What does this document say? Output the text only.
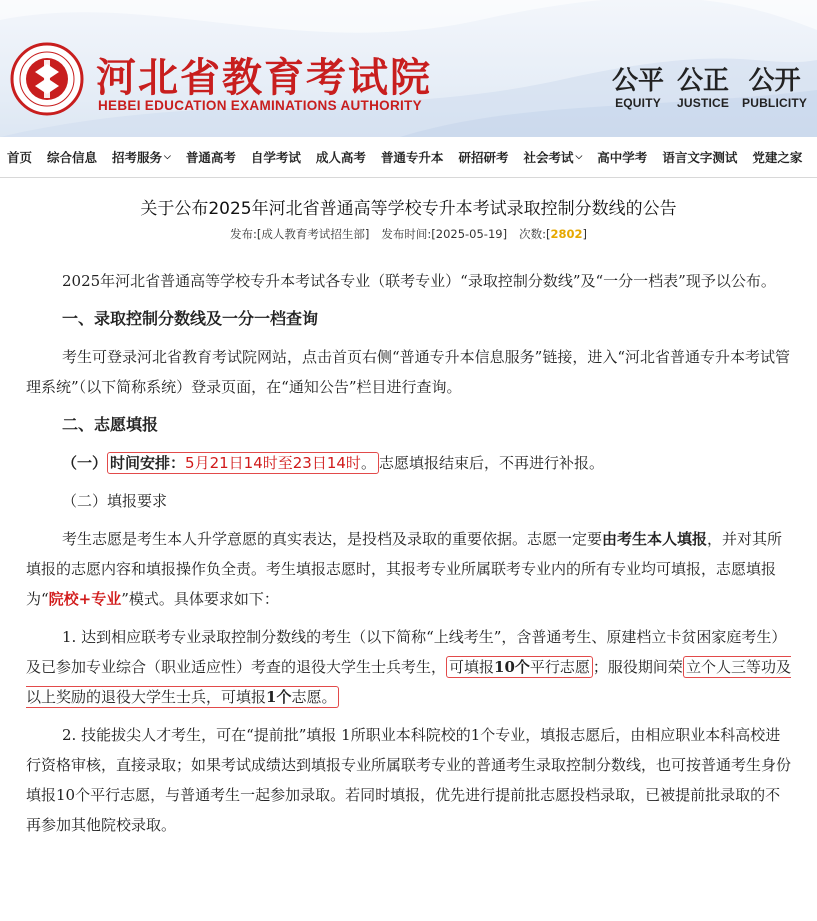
河北省教育考试院
HEBEI EDUCATION EXAMINATIONS AUTHORITY
公平
EQUITY
公正
JUSTICE
公开
PUBLICITY
首页 综合信息 招考服务 ⌵ 普通高考 自学考试 成人高考 普通专升本 研招研考 社会考试 ⌵ 高中学考 语言文字测试 党建之家
关于公布2025年河北省普通高等学校专升本考试录取控制分数线的公告
发布:[成人教育考试招生部] 发布时间:[2025-05-19] 次数:[2802]

2025年河北省普通高等学校专升本考试各专业（联考专业）“录取控制分数线”及“一分一档表”现予以公布。

一、录取控制分数线及一分一档查询

考生可登录河北省教育考试院网站，点击首页右侧“普通专升本信息服务”链接，进入“河北省普通专升本考试管理系统”（以下简称系统）登录页面，在“通知公告”栏目进行查询。

二、志愿填报

（一） 时间安排：5月21日14时至23日14时。 志愿填报结束后，不再进行补报。

（二）填报要求

考生志愿是考生本人升学意愿的真实表达，是投档及录取的重要依据。志愿一定要由考生本人填报，并对其所填报的志愿内容和填报操作负全责。考生填报志愿时，其报考专业所属联考专业内的所有专业均可填报，志愿填报为“院校+专业”模式。具体要求如下：

1. 达到相应联考专业录取控制分数线的考生（以下简称“上线考生”，含普通考生、原建档立卡贫困家庭考生）及已参加专业综合（职业适应性）考查的退役大学生士兵考生， 可填报10个平行志愿 ；服役期间荣 立个人三等功及以上奖励的退役大学生士兵，可填报1个志愿。

2. 技能拔尖人才考生，可在“提前批”填报 1所职业本科院校的1个专业，填报志愿后，由相应职业本科高校进行资格审核，直接录取；如果考试成绩达到填报专业所属联考专业的普通考生录取控制分数线，也可按普通考生身份填报10个平行志愿，与普通考生一起参加录取。若同时填报，优先进行提前批志愿投档录取，已被提前批录取的不再参加其他院校录取。
